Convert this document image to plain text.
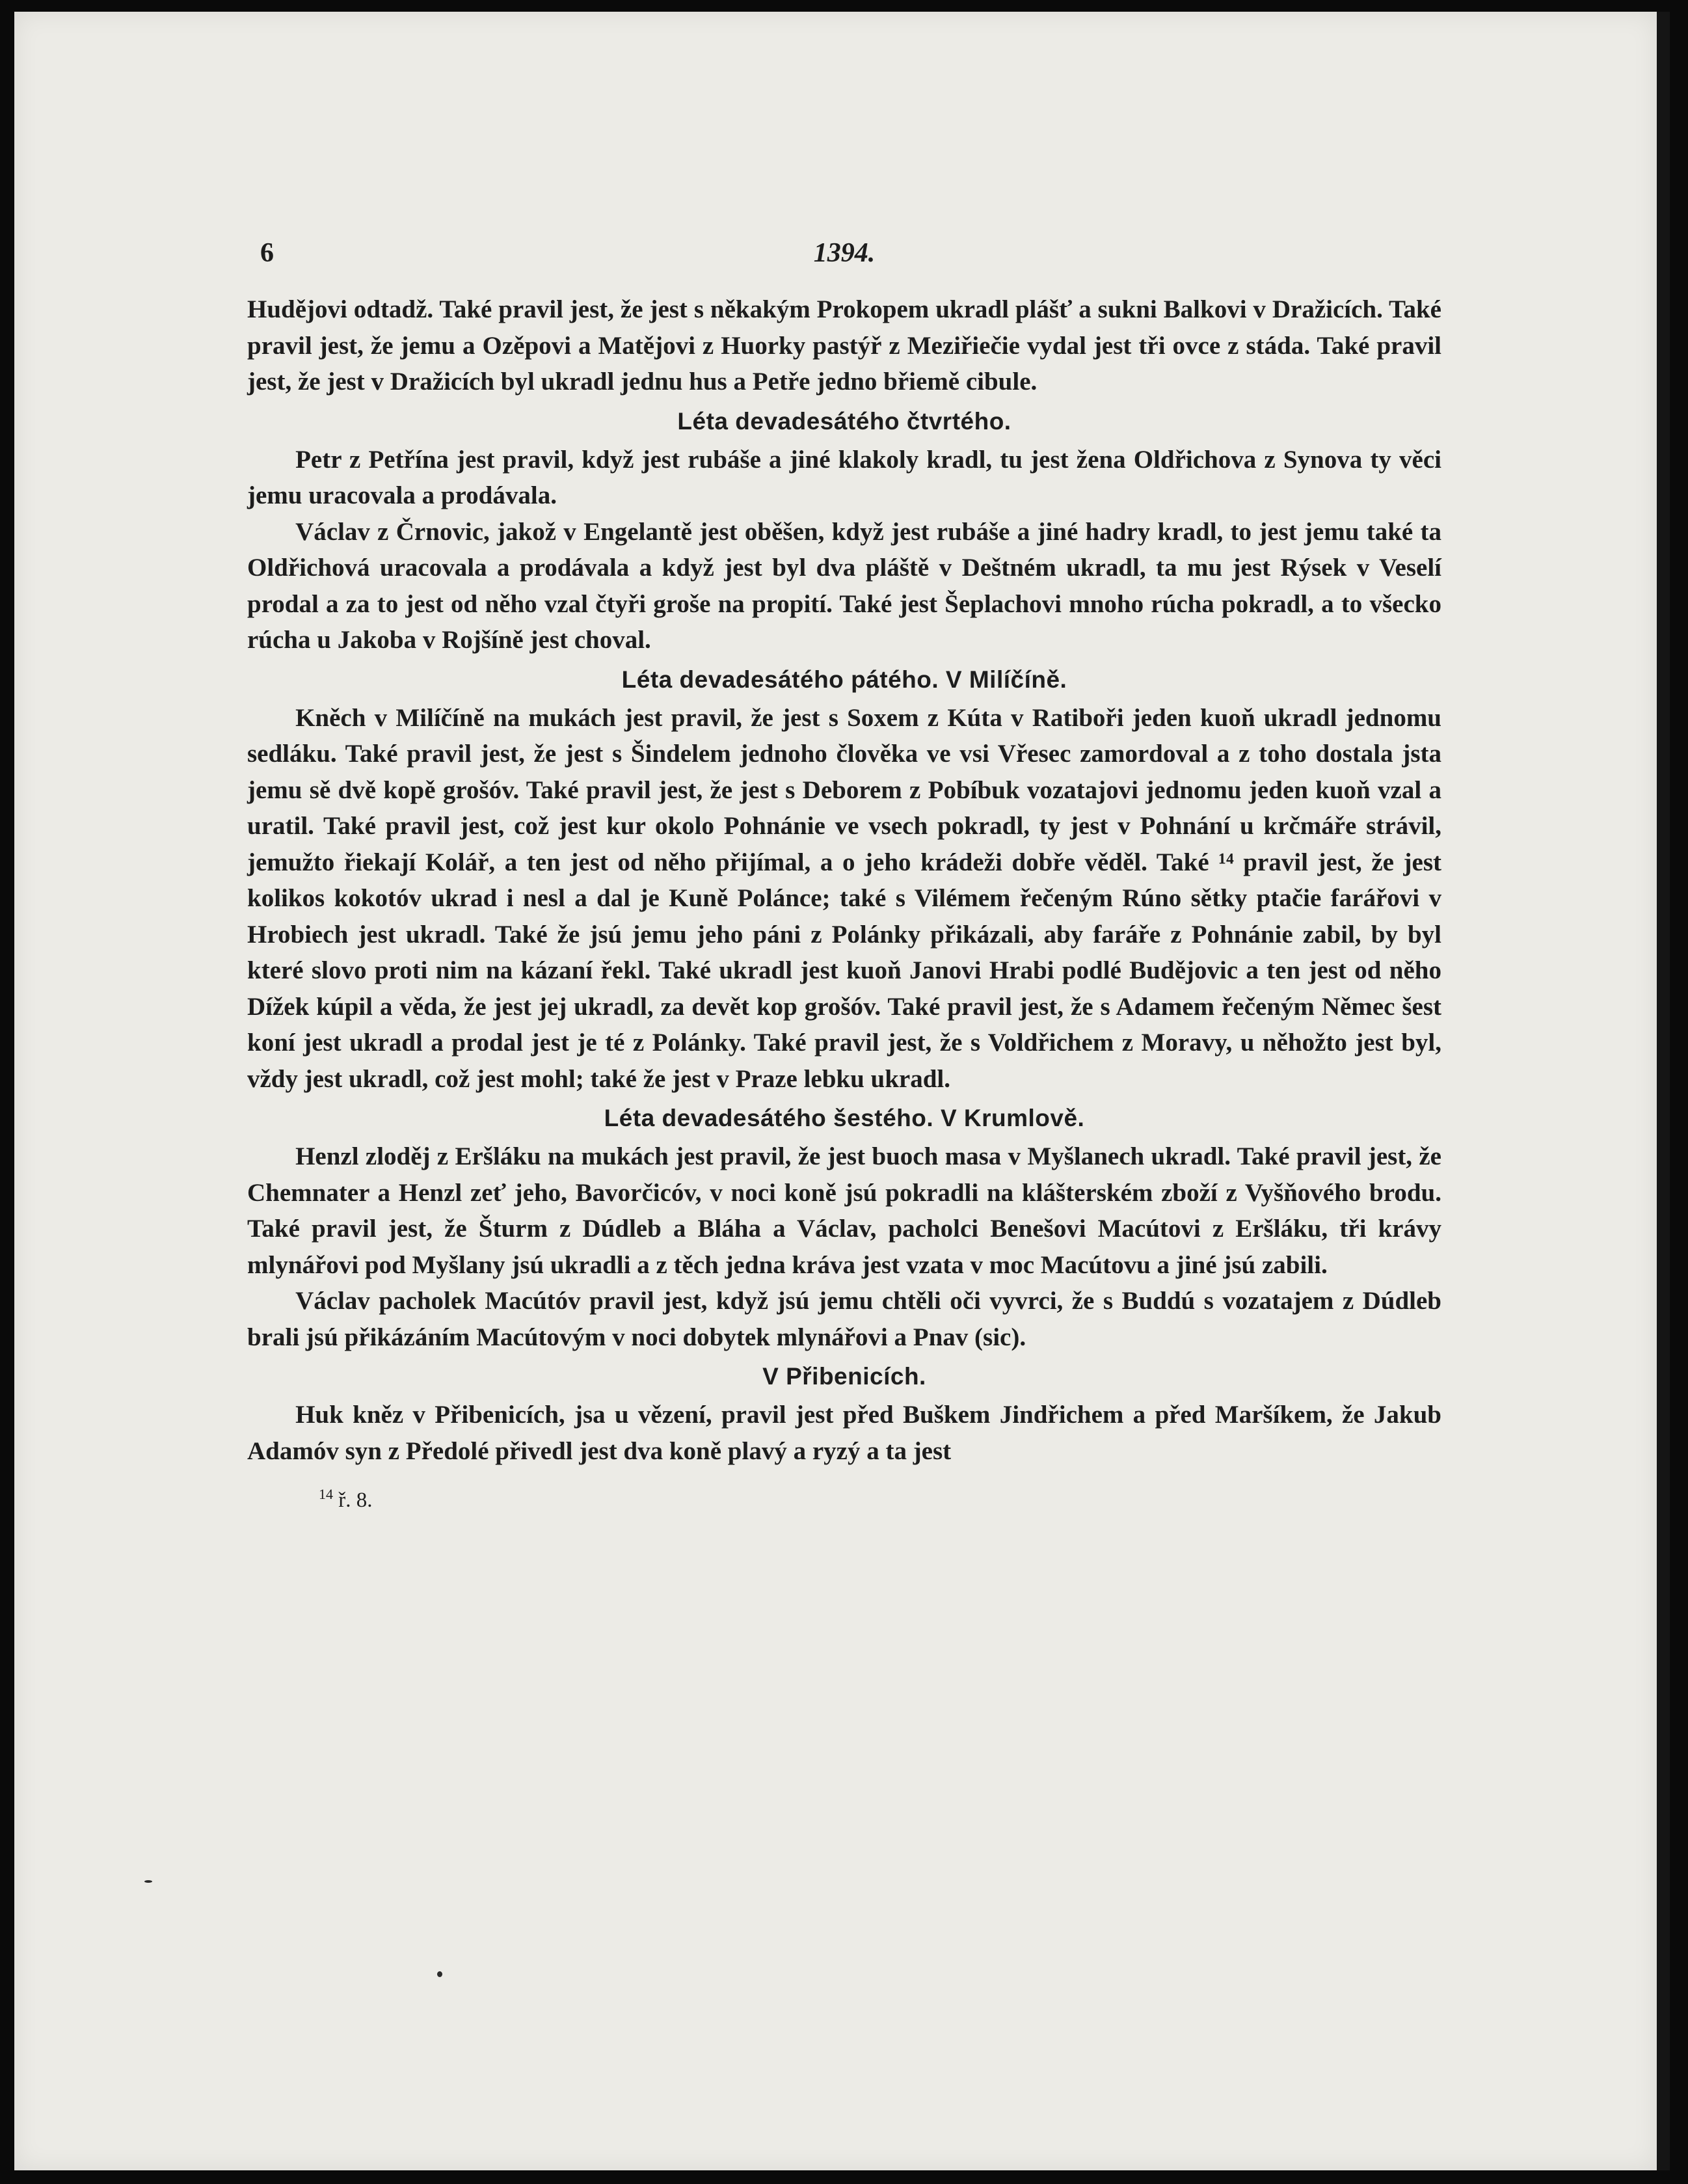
6	1394.

Hudějovi odtadž. Také pravil jest, že jest s někakým Prokopem ukradl plášť a sukni Balkovi v Dražicích. Také pravil jest, že jemu a Ozěpovi a Matějovi z Huorky pastýř z Meziřiečie vydal jest tři ovce z stáda. Také pravil jest, že jest v Dražicích byl ukradl jednu hus a Petře jedno břiemě cibule.

Léta devadesátého čtvrtého.

Petr z Petřína jest pravil, když jest rubáše a jiné klakoly kradl, tu jest žena Oldřichova z Synova ty věci jemu uracovala a prodávala.

Václav z Črnovic, jakož v Engelantě jest oběšen, když jest rubáše a jiné hadry kradl, to jest jemu také ta Oldřichová uracovala a prodávala a když jest byl dva pláště v Deštném ukradl, ta mu jest Rýsek v Veselí prodal a za to jest od něho vzal čtyři groše na propití. Také jest Šeplachovi mnoho rúcha pokradl, a to všecko rúcha u Jakoba v Rojšíně jest choval.

Léta devadesátého pátého. V Milíčíně.

Kněch v Milíčíně na mukách jest pravil, že jest s Soxem z Kúta v Ratiboři jeden kuoň ukradl jednomu sedláku. Také pravil jest, že jest s Šindelem jednoho člověka ve vsi Vřesec zamordoval a z toho dostala jsta jemu sě dvě kopě grošóv. Také pravil jest, že jest s Deborem z Pobíbuk vozatajovi jednomu jeden kuoň vzal a uratil. Také pravil jest, což jest kur okolo Pohnánie ve vsech pokradl, ty jest v Pohnání u krčmáře strávil, jemužto řiekají Kolář, a ten jest od něho přijímal, a o jeho krádeži dobře věděl. Také ¹⁴ pravil jest, že jest kolikos kokotóv ukrad i nesl a dal je Kuně Polánce; také s Vilémem řečeným Rúno sětky ptačie farářovi v Hrobiech jest ukradl. Také že jsú jemu jeho páni z Polánky přikázali, aby faráře z Pohnánie zabil, by byl které slovo proti nim na kázaní řekl. Také ukradl jest kuoň Janovi Hrabi podlé Budějovic a ten jest od něho Dížek kúpil a věda, že jest jej ukradl, za devět kop grošóv. Také pravil jest, že s Adamem řečeným Němec šest koní jest ukradl a prodal jest je té z Polánky. Také pravil jest, že s Voldřichem z Moravy, u něhožto jest byl, vždy jest ukradl, což jest mohl; také že jest v Praze lebku ukradl.

Léta devadesátého šestého. V Krumlově.

Henzl zloděj z Eršláku na mukách jest pravil, že jest buoch masa v Myšlanech ukradl. Také pravil jest, že Chemnater a Henzl zeť jeho, Bavorčicóv, v noci koně jsú pokradli na klášterském zboží z Vyšňového brodu. Také pravil jest, že Šturm z Dúdleb a Bláha a Václav, pacholci Benešovi Macútovi z Eršláku, tři krávy mlynářovi pod Myšlany jsú ukradli a z těch jedna kráva jest vzata v moc Macútovu a jiné jsú zabili.

Václav pacholek Macútóv pravil jest, když jsú jemu chtěli oči vyvrci, že s Buddú s vozatajem z Dúdleb brali jsú přikázáním Macútovým v noci dobytek mlynářovi a Pnav (sic).

V Přibenicích.

Huk kněz v Přibenicích, jsa u vězení, pravil jest před Buškem Jindřichem a před Maršíkem, že Jakub Adamóv syn z Předolé přivedl jest dva koně plavý a ryzý a ta jest

$^{14}$ ř. 8.
